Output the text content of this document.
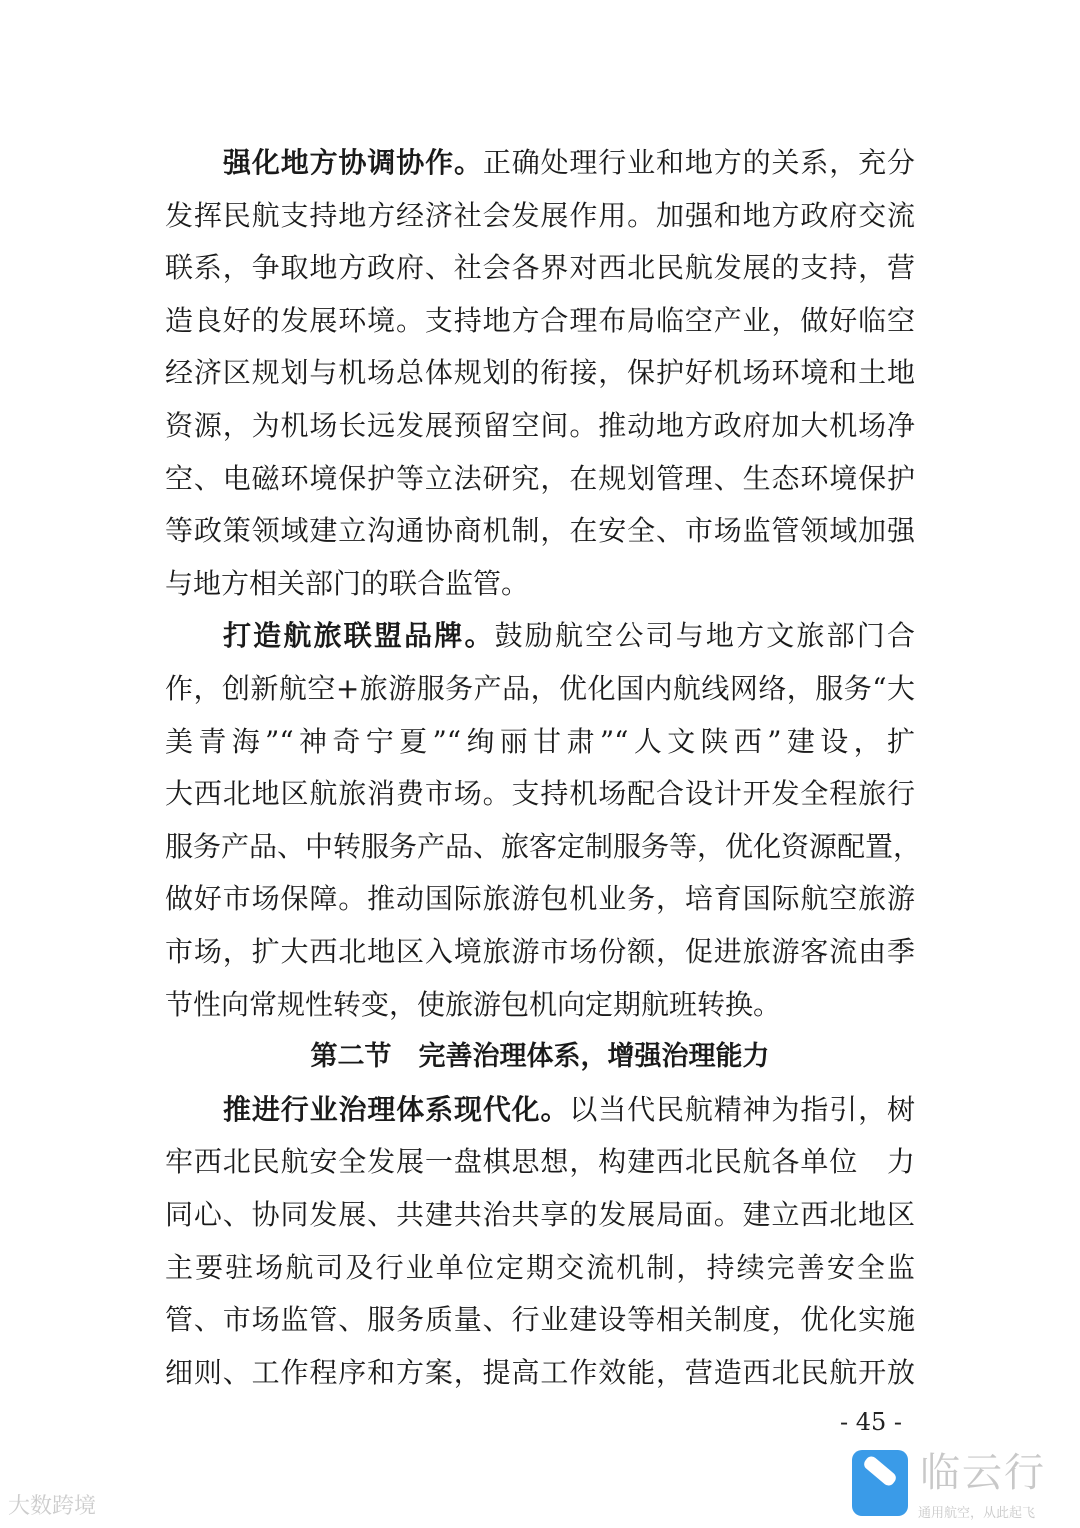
强化地方协调协作。正确处理行业和地方的关系，充分
发挥民航支持地方经济社会发展作用。加强和地方政府交流
联系，争取地方政府、社会各界对西北民航发展的支持，营
造良好的发展环境。支持地方合理布局临空产业，做好临空
经济区规划与机场总体规划的衔接，保护好机场环境和土地
资源，为机场长远发展预留空间。推动地方政府加大机场净
空、电磁环境保护等立法研究，在规划管理、生态环境保护
等政策领域建立沟通协商机制，在安全、市场监管领域加强
与地方相关部门的联合监管。
打造航旅联盟品牌。鼓励航空公司与地方文旅部门合
作，创新航空+旅游服务产品，优化国内航线网络，服务“大
美青海”“神奇宁夏”“绚丽甘肃”“人文陕西”建设，扩
大西北地区航旅消费市场。支持机场配合设计开发全程旅行
服务产品、中转服务产品、旅客定制服务等，优化资源配置，
做好市场保障。推动国际旅游包机业务，培育国际航空旅游
市场，扩大西北地区入境旅游市场份额，促进旅游客流由季
节性向常规性转变，使旅游包机向定期航班转换。
第二节　完善治理体系，增强治理能力
推进行业治理体系现代化。以当代民航精神为指引，树
牢西北民航安全发展一盘棋思想，构建西北民航各单位　力
同心、协同发展、共建共治共享的发展局面。建立西北地区
主要驻场航司及行业单位定期交流机制，持续完善安全监
管、市场监管、服务质量、行业建设等相关制度，优化实施
细则、工作程序和方案，提高工作效能，营造西北民航开放
- 45 -
大数跨境
临云行
通用航空，从此起飞
